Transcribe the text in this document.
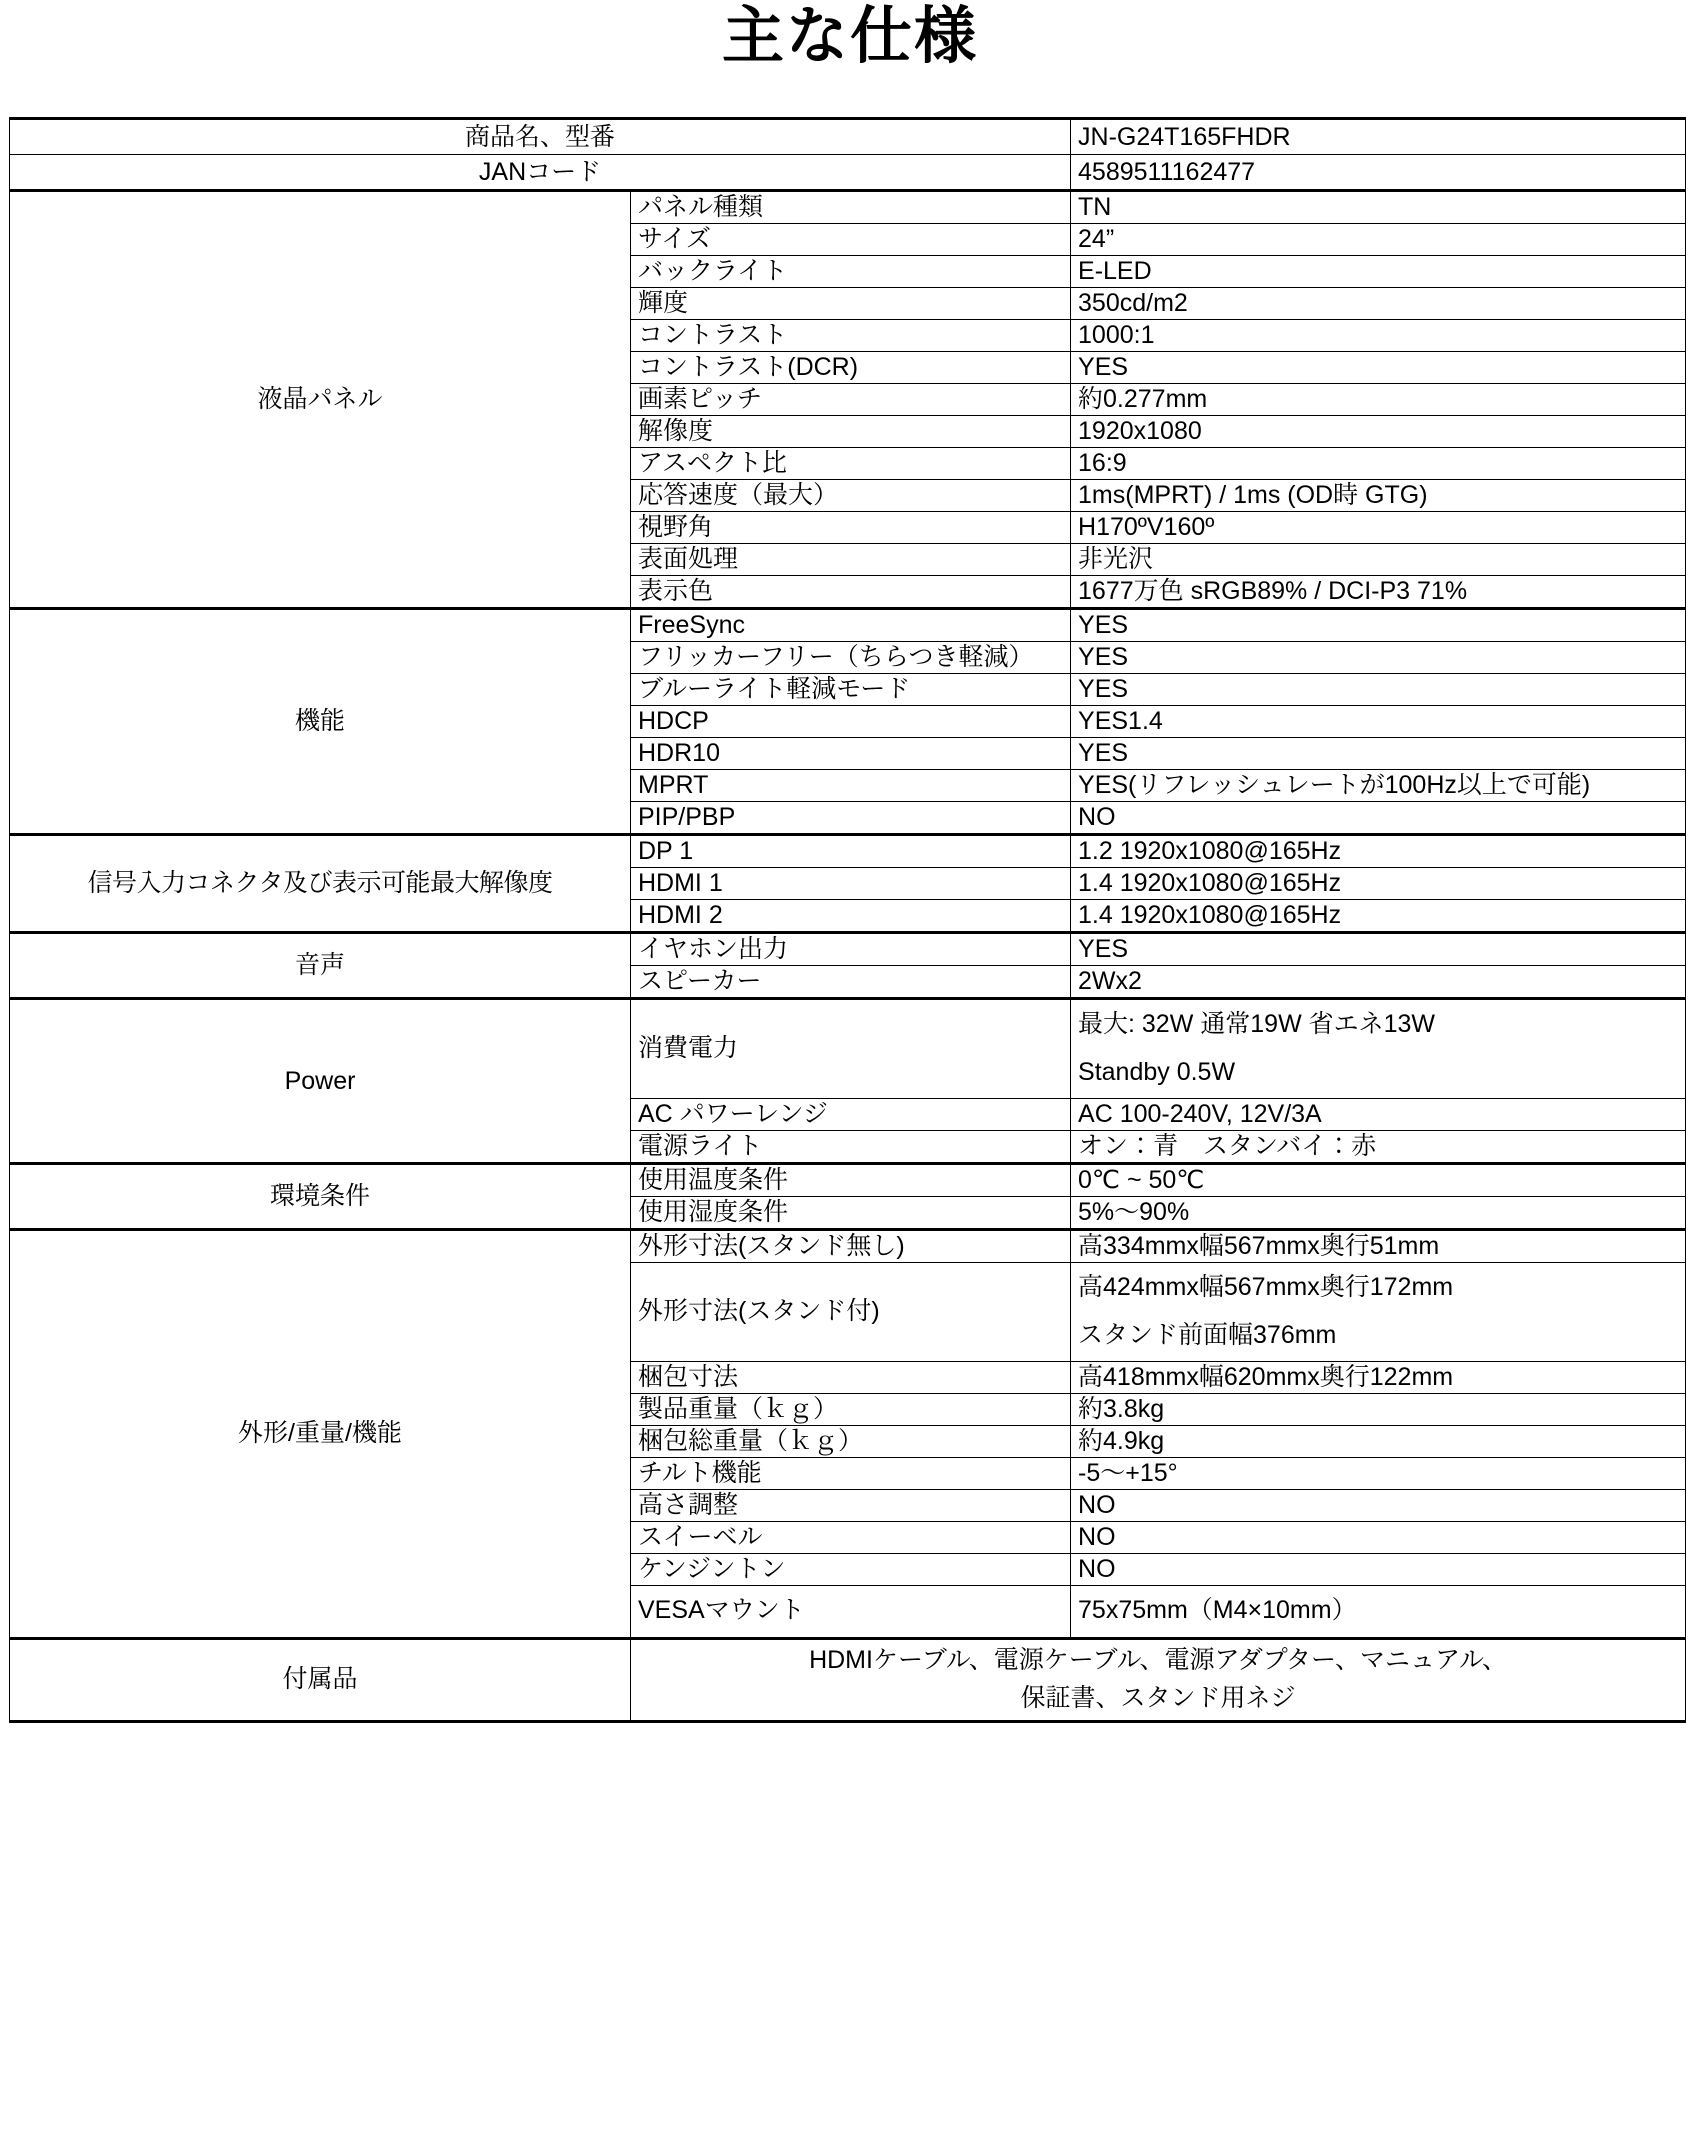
主な仕様
商品名、型番		JN-G24T165FHDR
JANコード		4589511162477
液晶パネル	パネル種類	TN
	サイズ	24”
	バックライト	E-LED
	輝度	350cd/m2
	コントラスト	1000:1
	コントラスト(DCR)	YES
	画素ピッチ	約0.277mm
	解像度	1920x1080
	アスペクト比	16:9
	応答速度（最大）	1ms(MPRT) / 1ms (OD時 GTG)
	視野角	H170ºV160º
	表面処理	非光沢
	表示色	1677万色 sRGB89% / DCI-P3 71%
機能	FreeSync	YES
	フリッカーフリー（ちらつき軽減）	YES
	ブルーライト軽減モード	YES
	HDCP	YES1.4
	HDR10	YES
	MPRT	YES(リフレッシュレートが100Hz以上で可能)
	PIP/PBP	NO
信号入力コネクタ及び表示可能最大解像度	DP 1	1.2 1920x1080@165Hz
	HDMI 1	1.4 1920x1080@165Hz
	HDMI 2	1.4 1920x1080@165Hz
音声	イヤホン出力	YES
	スピーカー	2Wx2
Power	消費電力	最大: 32W 通常19W 省エネ13W
Standby 0.5W
	AC パワーレンジ	AC 100-240V, 12V/3A
	電源ライト	オン：青　スタンバイ：赤
環境条件	使用温度条件	0℃ ~ 50℃
	使用湿度条件	5%～90%
外形/重量/機能	外形寸法(スタンド無し)	高334mmx幅567mmx奥行51mm
	外形寸法(スタンド付)	高424mmx幅567mmx奥行172mm
スタンド前面幅376mm
	梱包寸法	高418mmx幅620mmx奥行122mm
	製品重量（ｋｇ）	約3.8kg
	梱包総重量（ｋｇ）	約4.9kg
	チルト機能	-5〜+15°
	高さ調整	NO
	スイーベル	NO
	ケンジントン	NO
	VESAマウント	75x75mm（M4×10mm）
付属品	HDMIケーブル、電源ケーブル、電源アダプター、マニュアル、
保証書、スタンド用ネジ	
